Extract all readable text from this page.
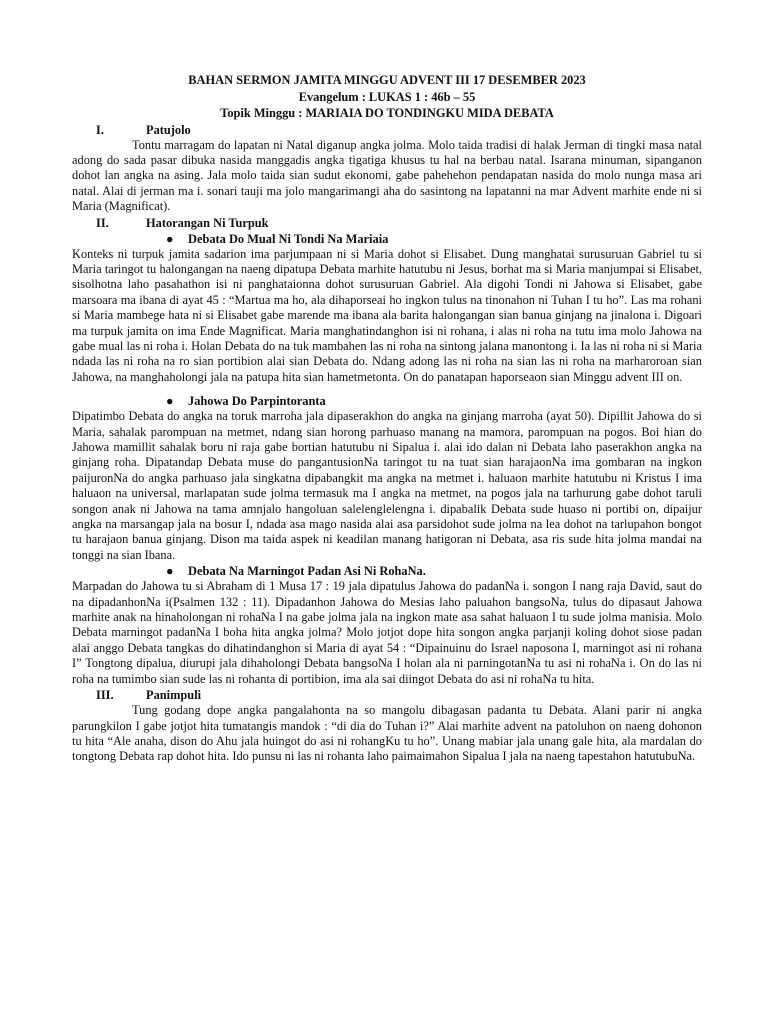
BAHAN SERMON JAMITA MINGGU ADVENT III 17 DESEMBER 2023

Evangelum : LUKAS 1 : 46b – 55

Topik Minggu : MARIAIA DO TONDINGKU MIDA DEBATA

I.	Patujolo

Tontu marragam do lapatan ni Natal diganup angka jolma. Molo taida tradisi di halak Jerman di tingki masa natal adong do sada pasar dibuka nasida manggadis angka tigatiga khusus tu hal na berbau natal. Isarana minuman, sipanganon dohot lan angka na asing. Jala molo taida sian sudut ekonomi, gabe pahehehon pendapatan nasida do molo nunga masa ari natal. Alai di jerman ma i. sonari tauji ma jolo mangarimangi aha do sasintong na lapatanni na mar Advent marhite ende ni si Maria (Magnificat).

II.	Hatorangan Ni Turpuk
● Debata Do Mual Ni Tondi Na Mariaia

Konteks ni turpuk jamita sadarion ima parjumpaan ni si Maria dohot si Elisabet. Dung manghatai surusuruan Gabriel tu si Maria taringot tu halongangan na naeng dipatupa Debata marhite hatutubu ni Jesus, borhat ma si Maria manjumpai si Elisabet, sisolhotna laho pasahathon isi ni panghataionna dohot surusuruan Gabriel. Ala digohi Tondi ni Jahowa si Elisabet, gabe marsoara ma ibana di ayat 45 : “Martua ma ho, ala dihaporseai ho ingkon tulus na tinonahon ni Tuhan I tu ho”. Las ma rohani si Maria mambege hata ni si Elisabet gabe marende ma ibana ala barita halongangan sian banua ginjang na jinalona i. Digoari ma turpuk jamita on ima Ende Magnificat. Maria manghatindanghon isi ni rohana, i alas ni roha na tutu ima molo Jahowa na gabe mual las ni roha i. Holan Debata do na tuk mambahen las ni roha na sintong jalana manontong i. Ia las ni roha ni si Maria ndada las ni roha na ro sian portibion alai sian Debata do. Ndang adong las ni roha na sian las ni roha na marharoroan sian Jahowa, na manghaholongi jala na patupa hita sian hametmetonta. On do panatapan haporseaon sian Minggu advent III on.

● Jahowa Do Parpintoranta

Dipatimbo Debata do angka na toruk marroha jala dipaserakhon do angka na ginjang marroha (ayat 50). Dipillit Jahowa do si Maria, sahalak parompuan na metmet, ndang sian horong parhuaso manang na mamora, parompuan na pogos. Boi hian do Jahowa mamillit sahalak boru ni raja gabe bortian hatutubu ni Sipalua i. alai ido dalan ni Debata laho paserakhon angka na ginjang roha. Dipatandap Debata muse do pangantusionNa taringot tu na tuat sian harajaonNa ima gombaran na ingkon paijuronNa do angka parhuaso jala singkatna dipabangkit ma angka na metmet i. haluaon marhite hatutubu ni Kristus I ima haluaon na universal, marlapatan sude jolma termasuk ma I angka na metmet, na pogos jala na tarhurung gabe dohot taruli songon anak ni Jahowa na tama amnjalo hangoluan salelenglelengna i. dipabalik Debata sude huaso ni portibi on, dipaijur angka na marsangap jala na bosur I, ndada asa mago nasida alai asa parsidohot sude jolma na lea dohot na tarlupahon bongot tu harajaon banua ginjang. Dison ma taida aspek ni keadilan manang hatigoran ni Debata, asa ris sude hita jolma mandai na tonggi na sian Ibana.

● Debata Na Marningot Padan Asi Ni RohaNa.

Marpadan do Jahowa tu si Abraham di 1 Musa 17 : 19 jala dipatulus Jahowa do padanNa i. songon I nang raja David, saut do na dipadanhonNa i(Psalmen 132 : 11). Dipadanhon Jahowa do Mesias laho paluahon bangsoNa, tulus do dipasaut Jahowa marhite anak na hinaholongan ni rohaNa I na gabe jolma jala na ingkon mate asa sahat haluaon I tu sude jolma manisia. Molo Debata marningot padanNa I boha hita angka jolma? Molo jotjot dope hita songon angka parjanji koling dohot siose padan alai anggo Debata tangkas do dihatindanghon si Maria di ayat 54 : “Dipainuinu do Israel naposona I, marningot asi ni rohana I” Tongtong dipalua, diurupi jala dihaholongi Debata bangsoNa I holan ala ni parningotanNa tu asi ni rohaNa i. On do las ni roha na tumimbo sian sude las ni rohanta di portibion, ima ala sai diingot Debata do asi ni rohaNa tu hita.

III.	Panimpuli

Tung godang dope angka pangalahonta na so mangolu dibagasan padanta tu Debata. Alani parir ni angka parungkilon I gabe jotjot hita tumatangis mandok : “di dia do Tuhan i?” Alai marhite advent na patoluhon on naeng dohonon tu hita “Ale anaha, dison do Ahu jala huingot do asi ni rohangKu tu ho”. Unang mabiar jala unang gale hita, ala mardalan do tongtong Debata rap dohot hita. Ido punsu ni las ni rohanta laho paimaimahon Sipalua I jala na naeng tapestahon hatutubuNa.
